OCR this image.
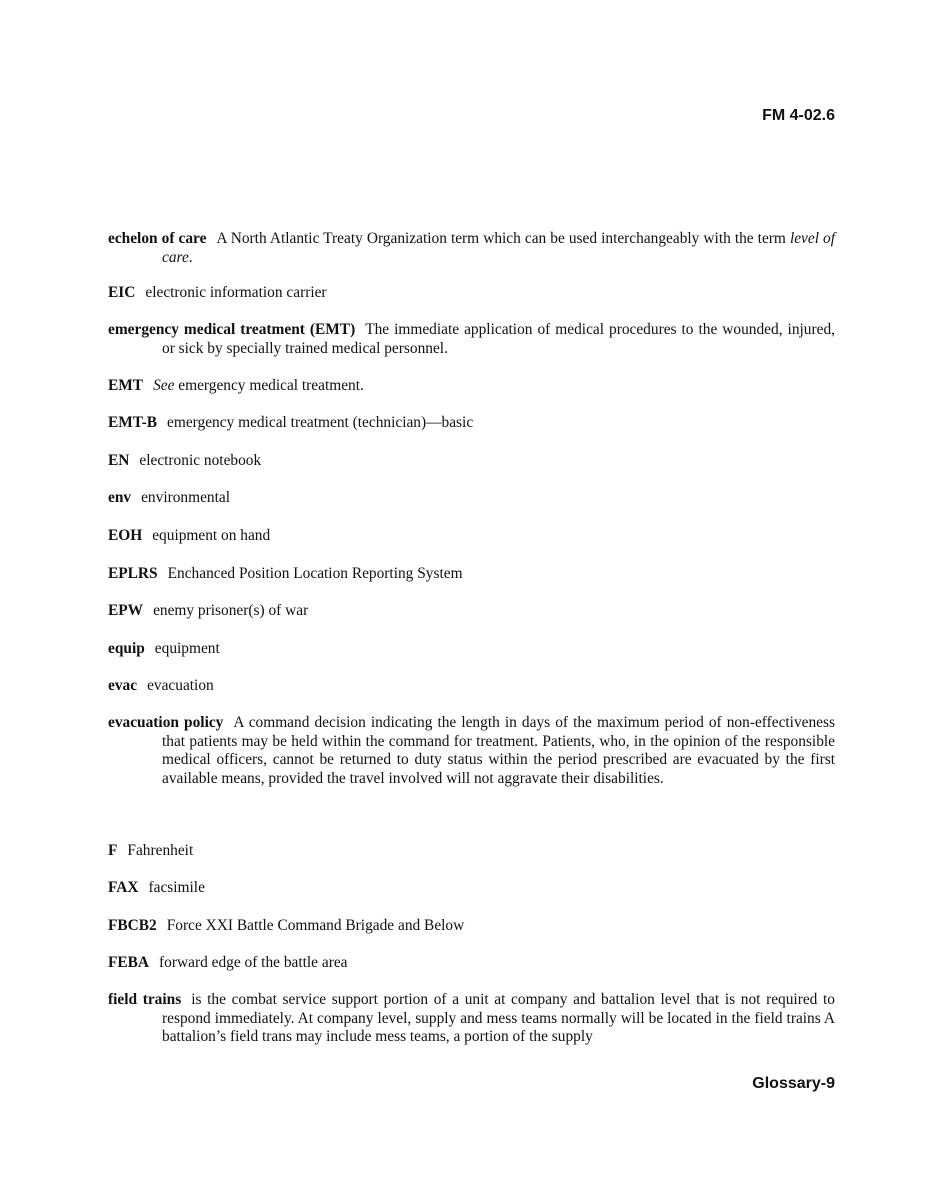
FM 4-02.6
echelon of care A North Atlantic Treaty Organization term which can be used interchangeably with the term level of care.
EIC electronic information carrier
emergency medical treatment (EMT) The immediate application of medical procedures to the wounded, injured, or sick by specially trained medical personnel.
EMT See emergency medical treatment.
EMT-B emergency medical treatment (technician)—basic
EN electronic notebook
env environmental
EOH equipment on hand
EPLRS Enchanced Position Location Reporting System
EPW enemy prisoner(s) of war
equip equipment
evac evacuation
evacuation policy A command decision indicating the length in days of the maximum period of non-effectiveness that patients may be held within the command for treatment. Patients, who, in the opinion of the responsible medical officers, cannot be returned to duty status within the period prescribed are evacuated by the first available means, provided the travel involved will not aggravate their disabilities.
F Fahrenheit
FAX facsimile
FBCB2 Force XXI Battle Command Brigade and Below
FEBA forward edge of the battle area
field trains is the combat service support portion of a unit at company and battalion level that is not required to respond immediately. At company level, supply and mess teams normally will be located in the field trains A battalion’s field trans may include mess teams, a portion of the supply
Glossary-9
